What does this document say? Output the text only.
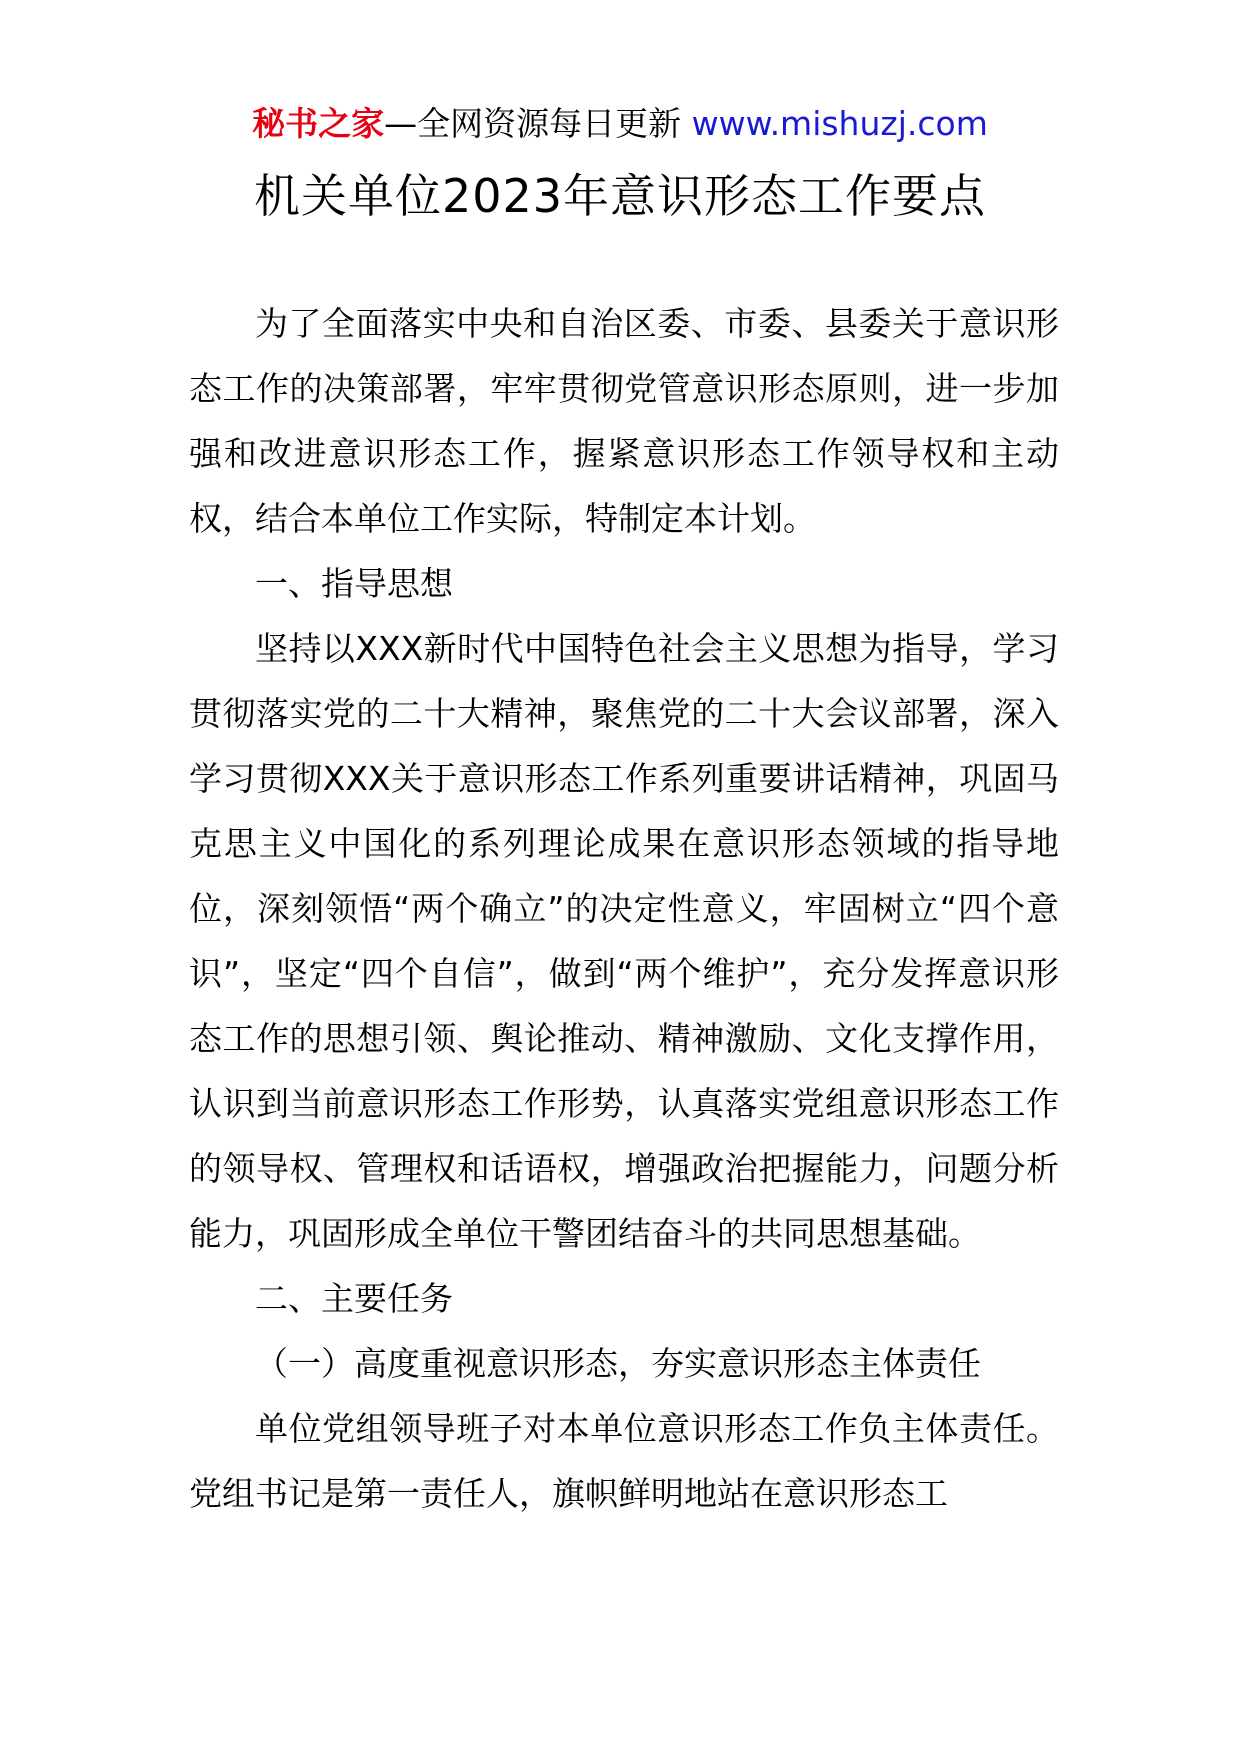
秘书之家—全网资源每日更新 www.mishuzj.com
机关单位2023年意识形态工作要点

为了全面落实中央和自治区委、市委、县委关于意识形态工作的决策部署，牢牢贯彻党管意识形态原则，进一步加强和改进意识形态工作，握紧意识形态工作领导权和主动权，结合本单位工作实际，特制定本计划。

一、指导思想

坚持以XXX新时代中国特色社会主义思想为指导，学习贯彻落实党的二十大精神，聚焦党的二十大会议部署，深入学习贯彻XXX关于意识形态工作系列重要讲话精神，巩固马克思主义中国化的系列理论成果在意识形态领域的指导地位，深刻领悟“两个确立”的决定性意义，牢固树立“四个意识”，坚定“四个自信”，做到“两个维护”，充分发挥意识形态工作的思想引领、舆论推动、精神激励、文化支撑作用，认识到当前意识形态工作形势，认真落实党组意识形态工作的领导权、管理权和话语权，增强政治把握能力，问题分析能力，巩固形成全单位干警团结奋斗的共同思想基础。

二、主要任务

（一）高度重视意识形态，夯实意识形态主体责任

单位党组领导班子对本单位意识形态工作负主体责任。党组书记是第一责任人，旗帜鲜明地站在意识形态工
